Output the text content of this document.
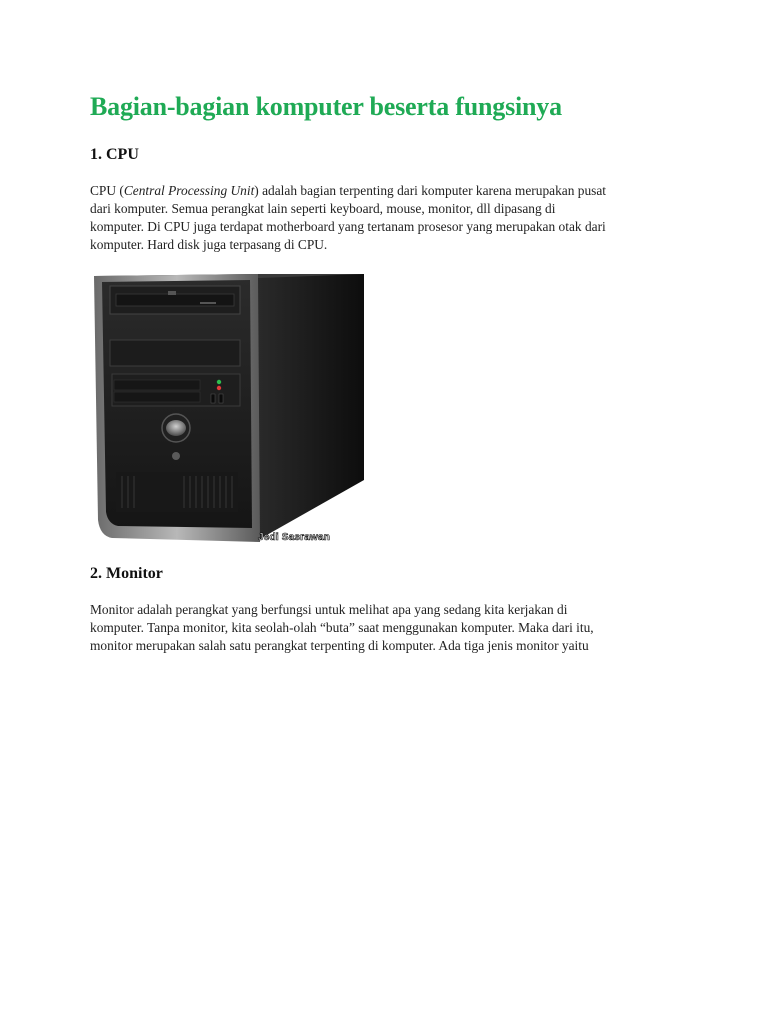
Bagian-bagian komputer beserta fungsinya
1. CPU

CPU (Central Processing Unit) adalah bagian terpenting dari komputer karena merupakan pusat
dari komputer. Semua perangkat lain seperti keyboard, mouse, monitor, dll dipasang di
komputer. Di CPU juga terdapat motherboard yang tertanam prosesor yang merupakan otak dari
komputer. Hard disk juga terpasang di CPU.

Jedi Sasrawan
2. Monitor

Monitor adalah perangkat yang berfungsi untuk melihat apa yang sedang kita kerjakan di
komputer. Tanpa monitor, kita seolah-olah “buta” saat menggunakan komputer. Maka dari itu,
monitor merupakan salah satu perangkat terpenting di komputer. Ada tiga jenis monitor yaitu
